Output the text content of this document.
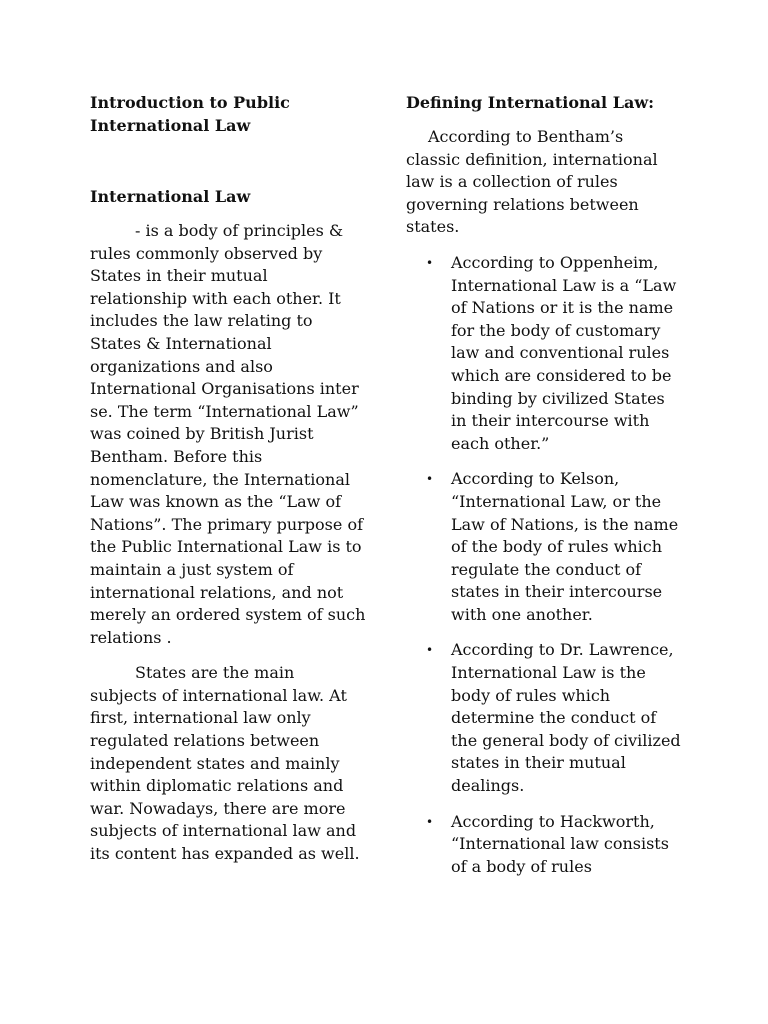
Introduction to Public International Law
International Law

- is a body of principles & rules commonly observed by States in their mutual relationship with each other. It includes the law relating to States & International organizations and also International Organisations inter se. The term “International Law” was coined by British Jurist Bentham. Before this nomenclature, the International Law was known as the “Law of Nations”. The primary purpose of the Public International Law is to maintain a just system of international relations, and not merely an ordered system of such relations .

States are the main subjects of international law. At first, international law only regulated relations between independent states and mainly within diplomatic relations and war. Nowadays, there are more subjects of international law and its content has expanded as well.

Defining International Law:

According to Bentham’s classic definition, international law is a collection of rules governing relations between states.

• According to Oppenheim, International Law is a “Law of Nations or it is the name for the body of customary law and conventional rules which are considered to be binding by civilized States in their intercourse with each other.”
• According to Kelson, “International Law, or the Law of Nations, is the name of the body of rules which regulate the conduct of states in their intercourse with one another.
• According to Dr. Lawrence, International Law is the body of rules which determine the conduct of the general body of civilized states in their mutual dealings.
• According to Hackworth, “International law consists of a body of rules
